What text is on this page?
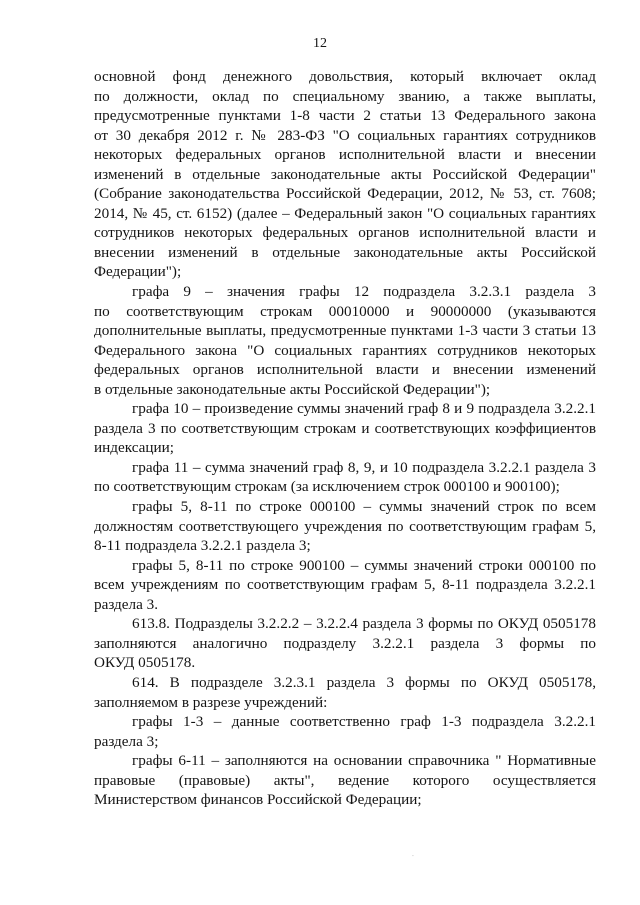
12
основной фонд денежного довольствия, который включает оклад
по должности, оклад по специальному званию, а также выплаты,
предусмотренные пунктами 1-8 части 2 статьи 13 Федерального закона
от 30 декабря 2012 г. № 283-ФЗ "О социальных гарантиях сотрудников
некоторых федеральных органов исполнительной власти и внесении
изменений в отдельные законодательные акты Российской Федерации"
(Собрание законодательства Российской Федерации, 2012, № 53, ст. 7608;
2014, № 45, ст. 6152) (далее – Федеральный закон "О социальных гарантиях
сотрудников некоторых федеральных органов исполнительной власти и
внесении изменений в отдельные законодательные акты Российской
Федерации");
графа 9 – значения графы 12 подраздела 3.2.3.1 раздела 3
по соответствующим строкам 00010000 и 90000000 (указываются
дополнительные выплаты, предусмотренные пунктами 1-3 части 3 статьи 13
Федерального закона "О социальных гарантиях сотрудников некоторых
федеральных органов исполнительной власти и внесении изменений
в отдельные законодательные акты Российской Федерации");
графа 10 – произведение суммы значений граф 8 и 9 подраздела 3.2.2.1
раздела 3 по соответствующим строкам и соответствующих коэффициентов
индексации;
графа 11 – сумма значений граф 8, 9, и 10 подраздела 3.2.2.1 раздела 3
по соответствующим строкам (за исключением строк 000100 и 900100);
графы 5, 8-11 по строке 000100 – суммы значений строк по всем
должностям соответствующего учреждения по соответствующим графам 5,
8-11 подраздела 3.2.2.1 раздела 3;
графы 5, 8-11 по строке 900100 – суммы значений строки 000100 по
всем учреждениям по соответствующим графам 5, 8-11 подраздела 3.2.2.1
раздела 3.
613.8. Подразделы 3.2.2.2 – 3.2.2.4 раздела 3 формы по ОКУД 0505178
заполняются аналогично подразделу 3.2.2.1 раздела 3 формы по
ОКУД 0505178.
614. В подразделе 3.2.3.1 раздела 3 формы по ОКУД 0505178,
заполняемом в разрезе учреждений:
графы 1-3 – данные соответственно граф 1-3 подраздела 3.2.2.1
раздела 3;
графы 6-11 – заполняются на основании справочника " Нормативные
правовые (правовые) акты", ведение которого осуществляется
Министерством финансов Российской Федерации;
⸱
